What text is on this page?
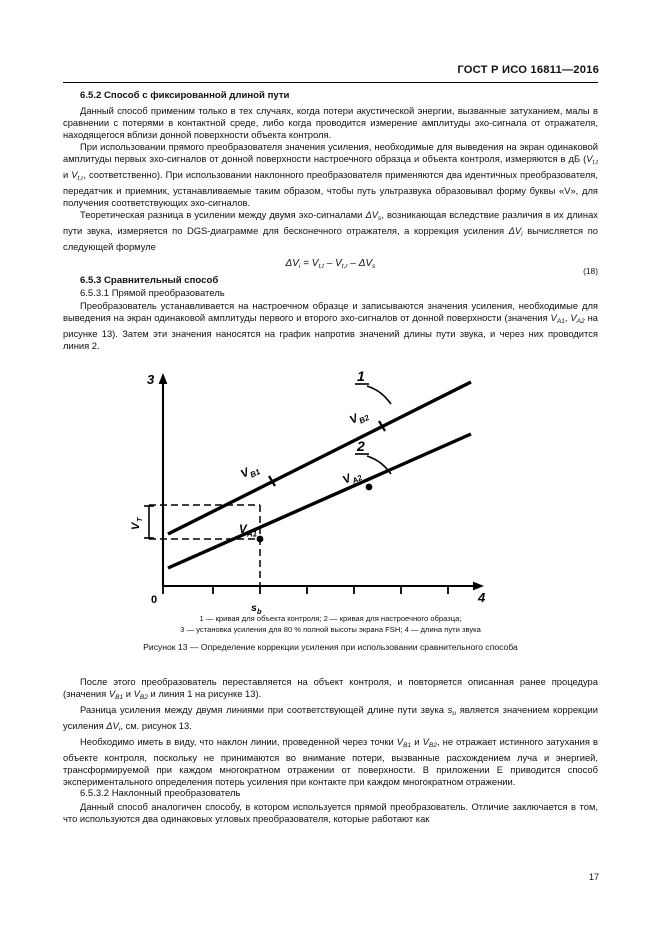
ГОСТ Р ИСО 16811—2016
6.5.2 Способ с фиксированной длиной пути

Данный способ применим только в тех случаях, когда потери акустической энергии, вызванные затуханием, малы в сравнении с потерями в контактной среде, либо когда проводится измерение амплитуды эхо-сигнала от отражателя, находящегося вблизи донной поверхности объекта контроля.

При использовании прямого преобразователя значения усиления, необходимые для выведения на экран одинаковой амплитуды первых эхо-сигналов от донной поверхности настроечного образца и объекта контроля, измеряются в дБ ($V_{t,t}$ и $V_{t,r}$, соответственно). При использовании наклонного преобразователя применяются два идентичных преобразователя, передатчик и приемник, устанавливаемые таким образом, чтобы путь ультразвука образовывал форму буквы «V», для получения соответствующих эхо-сигналов.

Теоретическая разница в усилении между двумя эхо-сигналами $\Delta V_s$, возникающая вследствие различия в их длинах пути звука, измеряется по DGS-диаграмме для бесконечного отражателя, а коррекция усиления $\Delta V_i$ вычисляется по следующей формуле

$\Delta V_i = V_{t,t} - V_{t,r} - \Delta V_s$	(18)
6.5.3 Сравнительный способ
6.5.3.1 Прямой преобразователь

Преобразователь устанавливается на настроечном образце и записываются значения усиления, необходимые для выведения на экран одинаковой амплитуды первого и второго эхо-сигналов от донной поверхности (значения $V_{A1}$, $V_{A2}$ на рисунке 13). Затем эти значения наносятся на график напротив значений длины пути звука, и через них проводится линия 2.

3
4
0
s b
V
T
1
2
V
B1
V
B2
V A1
V
A2
1 — кривая для объекта контроля; 2 — кривая для настроечного образца;
3 — установка усиления для 80 % полной высоты экрана FSH; 4 — длина пути звука
Рисунок 13 — Определение коррекции усиления при использовании сравнительного способа

После этого преобразователь переставляется на объект контроля, и повторяется описанная ранее процедура (значения $V_{B1}$ и $V_{B2}$ и линия 1 на рисунке 13).

Разница усиления между двумя линиями при соответствующей длине пути звука $s_u$ является значением коррекции усиления $\Delta V_i$, см. рисунок 13.

Необходимо иметь в виду, что наклон линии, проведенной через точки $V_{B1}$ и $V_{B2}$, не отражает истинного затухания в объекте контроля, поскольку не принимаются во внимание потери, вызванные расхождением луча и энергией, трансформируемой при каждом многократном отражении от поверхности. В приложении Е приводится способ экспериментального определения потерь усиления при контакте при каждом многократном отражении.

6.5.3.2 Наклонный преобразователь

Данный способ аналогичен способу, в котором используется прямой преобразователь. Отличие заключается в том, что используются два одинаковых угловых преобразователя, которые работают как

17
